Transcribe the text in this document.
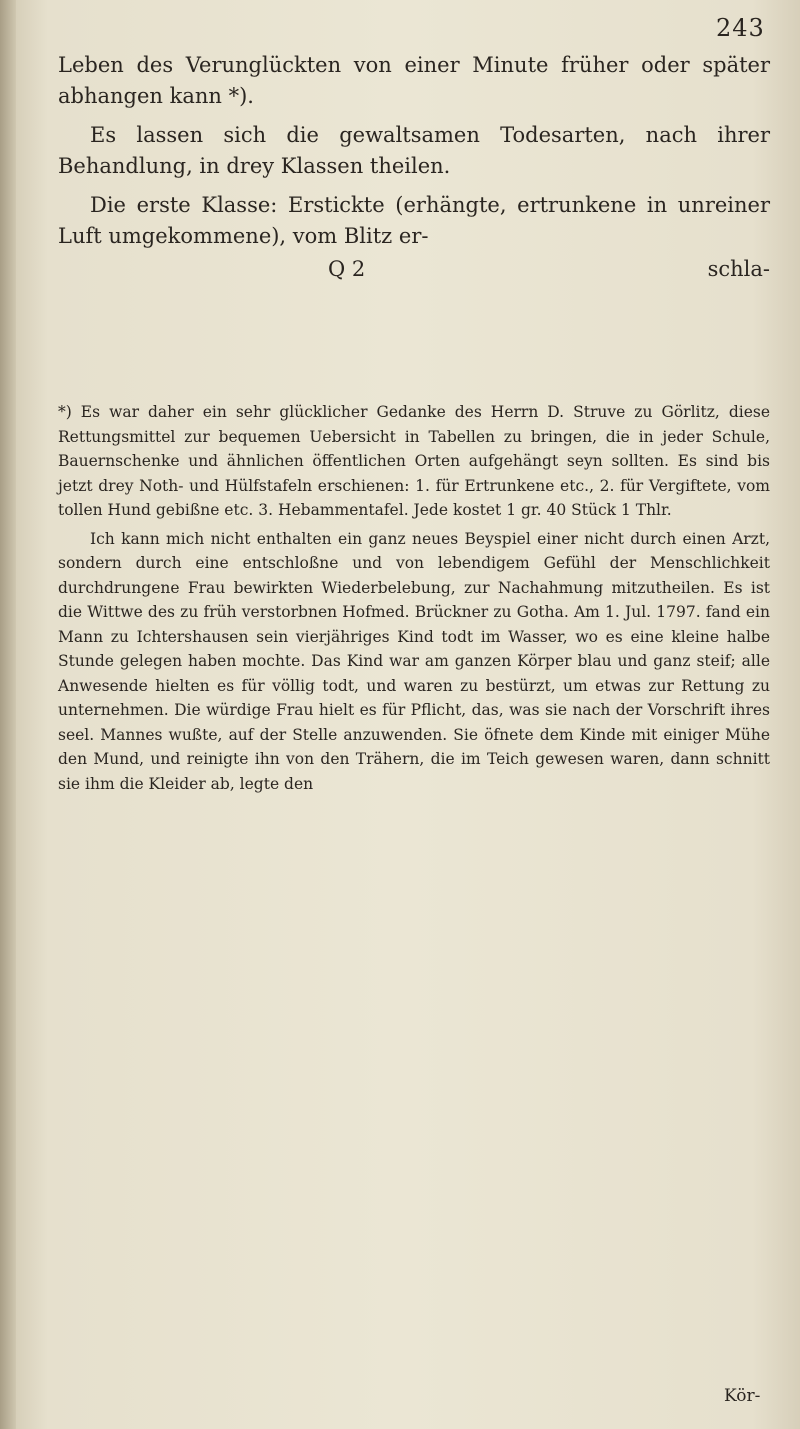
243

Leben des Verunglückten von einer Minute früher oder später abhangen kann *).

Es lassen sich die gewaltsamen Todesarten, nach ihrer Behandlung, in drey Klassen theilen.

Die erste Klasse: Erstickte (erhängte, ertrunkene in unreiner Luft umgekommene), vom Blitz er-

Q 2	schla-

*) Es war daher ein sehr glücklicher Gedanke des Herrn D. Struve zu Görlitz, diese Rettungsmittel zur bequemen Uebersicht in Tabellen zu bringen, die in jeder Schule, Bauernschenke und ähnlichen öffentlichen Orten aufgehängt seyn sollten. Es sind bis jetzt drey Noth- und Hülfstafeln erschienen: 1. für Ertrunkene etc., 2. für Vergiftete, vom tollen Hund gebißne etc. 3. Hebammentafel. Jede kostet 1 gr. 40 Stück 1 Thlr.

Ich kann mich nicht enthalten ein ganz neues Beyspiel einer nicht durch einen Arzt, sondern durch eine entschloßne und von lebendigem Gefühl der Menschlichkeit durchdrungene Frau bewirkten Wiederbelebung, zur Nachahmung mitzutheilen. Es ist die Wittwe des zu früh verstorbnen Hofmed. Brückner zu Gotha. Am 1. Jul. 1797. fand ein Mann zu Ichtershausen sein vierjähriges Kind todt im Wasser, wo es eine kleine halbe Stunde gelegen haben mochte. Das Kind war am ganzen Körper blau und ganz steif; alle Anwesende hielten es für völlig todt, und waren zu bestürzt, um etwas zur Rettung zu unternehmen. Die würdige Frau hielt es für Pflicht, das, was sie nach der Vorschrift ihres seel. Mannes wußte, auf der Stelle anzuwenden. Sie öfnete dem Kinde mit einiger Mühe den Mund, und reinigte ihn von den Trähern, die im Teich gewesen waren, dann schnitt sie ihm die Kleider ab, legte den

Kör-
